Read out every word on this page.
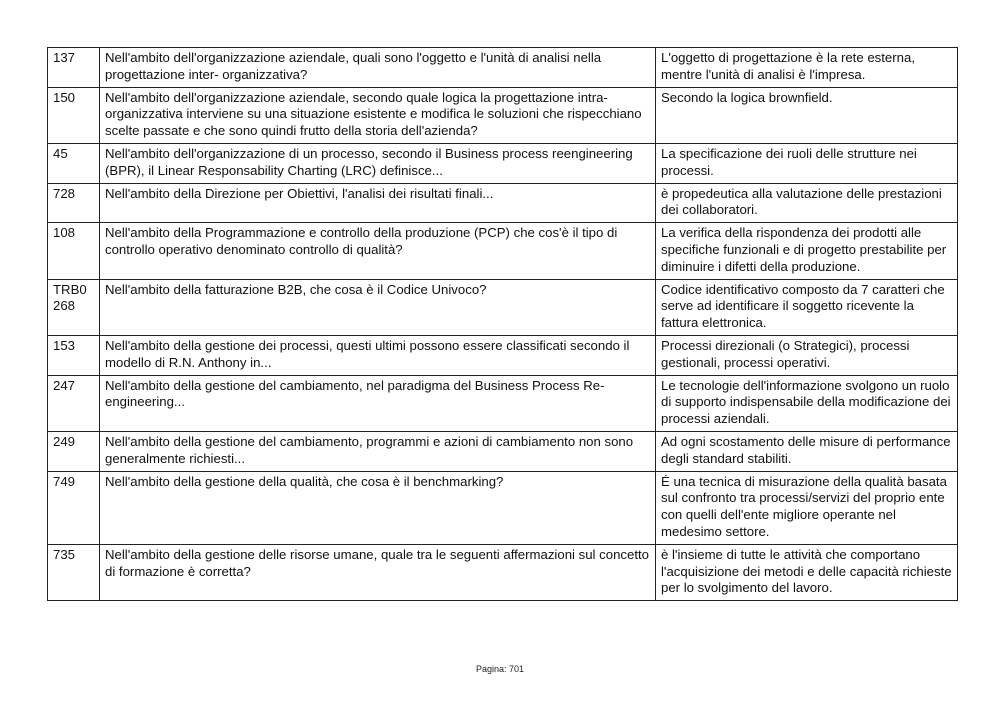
137	Nell'ambito dell'organizzazione aziendale, quali sono l'oggetto e l'unità di analisi nella progettazione inter- organizzativa?	L'oggetto di progettazione è la rete esterna, mentre l'unità di analisi è l'impresa.
150	Nell'ambito dell'organizzazione aziendale, secondo quale logica la progettazione intra-organizzativa interviene su una situazione esistente e modifica le soluzioni che rispecchiano scelte passate e che sono quindi frutto della storia dell'azienda?	Secondo la logica brownfield.
45	Nell'ambito dell'organizzazione di un processo, secondo il Business process reengineering (BPR), il Linear Responsability Charting (LRC) definisce...	La specificazione dei ruoli delle strutture nei processi.
728	Nell'ambito della Direzione per Obiettivi, l'analisi dei risultati finali...	è propedeutica alla valutazione delle prestazioni dei collaboratori.
108	Nell'ambito della Programmazione e controllo della produzione (PCP) che cos'è il tipo di controllo operativo denominato controllo di qualità?	La verifica della rispondenza dei prodotti alle specifiche funzionali e di progetto prestabilite per diminuire i difetti della produzione.
TRB0268	Nell'ambito della fatturazione B2B, che cosa è il Codice Univoco?	Codice identificativo composto da 7 caratteri che serve ad identificare il soggetto ricevente la fattura elettronica.
153	Nell'ambito della gestione dei processi, questi ultimi possono essere classificati secondo il modello di R.N. Anthony in...	Processi direzionali (o Strategici), processi gestionali, processi operativi.
247	Nell'ambito della gestione del cambiamento, nel paradigma del Business Process Re-engineering...	Le tecnologie dell'informazione svolgono un ruolo di supporto indispensabile della modificazione dei processi aziendali.
249	Nell'ambito della gestione del cambiamento, programmi e azioni di cambiamento non sono generalmente richiesti...	Ad ogni scostamento delle misure di performance degli standard stabiliti.
749	Nell'ambito della gestione della qualità, che cosa è il benchmarking?	É una tecnica di misurazione della qualità basata sul confronto tra processi/servizi del proprio ente con quelli dell'ente migliore operante nel medesimo settore.
735	Nell'ambito della gestione delle risorse umane, quale tra le seguenti affermazioni sul concetto di formazione è corretta?	è l'insieme di tutte le attività che comportano l'acquisizione dei metodi e delle capacità richieste per lo svolgimento del lavoro.
Pagina: 701
